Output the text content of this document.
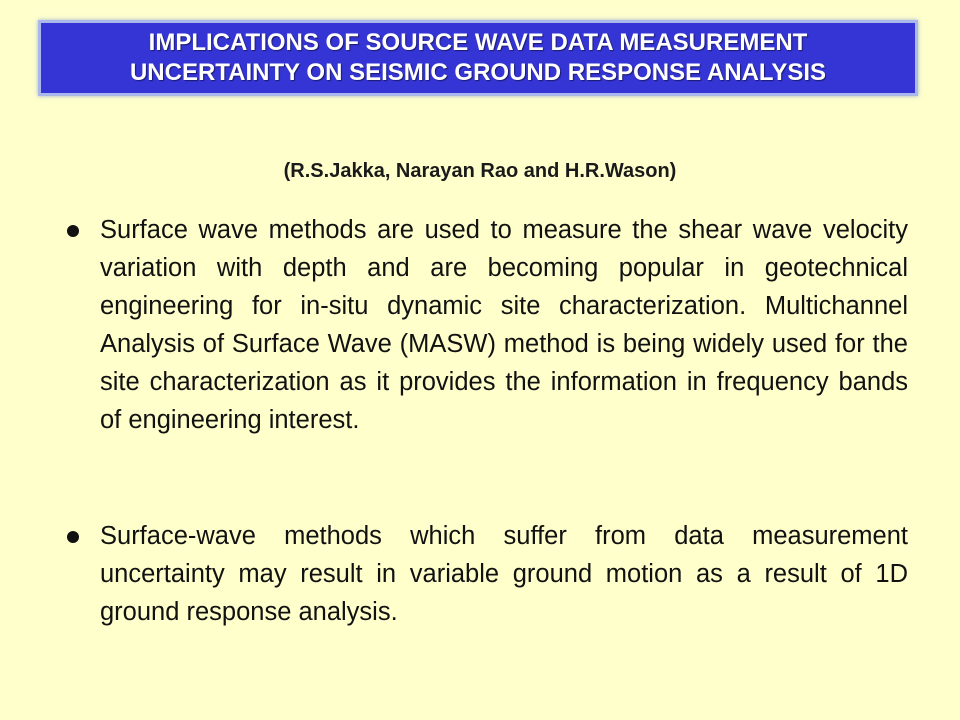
IMPLICATIONS OF SOURCE WAVE DATA MEASUREMENT
UNCERTAINTY ON SEISMIC GROUND RESPONSE ANALYSIS
(R.S.Jakka, Narayan Rao and H.R.Wason)
Surface wave methods are used to measure the shear wave velocity variation with depth and are becoming popular in geotechnical engineering for in-situ dynamic site characterization. Multichannel Analysis of Surface Wave (MASW) method is being widely used for the site characterization as it provides the information in frequency bands of engineering interest.
Surface-wave methods which suffer from data measurement uncertainty may result in variable ground motion as a result of 1D ground response analysis.
